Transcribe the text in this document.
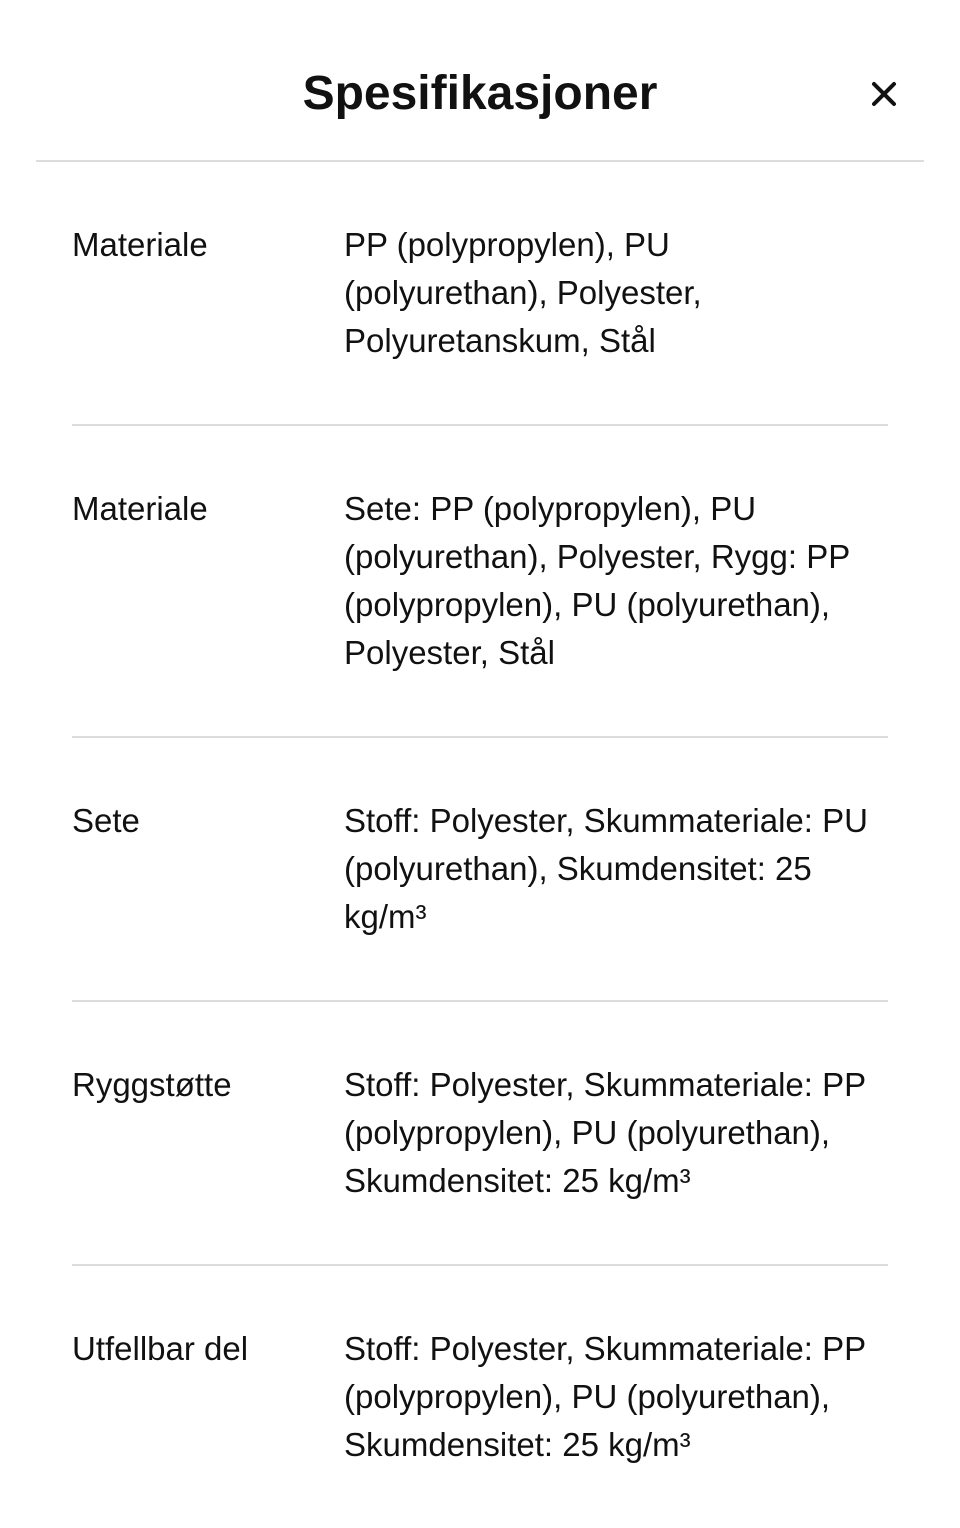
Spesifikasjoner
Materiale	PP (polypropylen), PU (polyurethan), Polyester, Polyuretanskum, Stål
Materiale	Sete: PP (polypropylen), PU (polyurethan), Polyester, Rygg: PP (polypropylen), PU (polyurethan), Polyester, Stål
Sete	Stoff: Polyester, Skummateriale: PU (polyurethan), Skumdensitet: 25 kg/m³
Ryggstøtte	Stoff: Polyester, Skummateriale: PP (polypropylen), PU (polyurethan), Skumdensitet: 25 kg/m³
Utfellbar del	Stoff: Polyester, Skummateriale: PP (polypropylen), PU (polyurethan), Skumdensitet: 25 kg/m³
